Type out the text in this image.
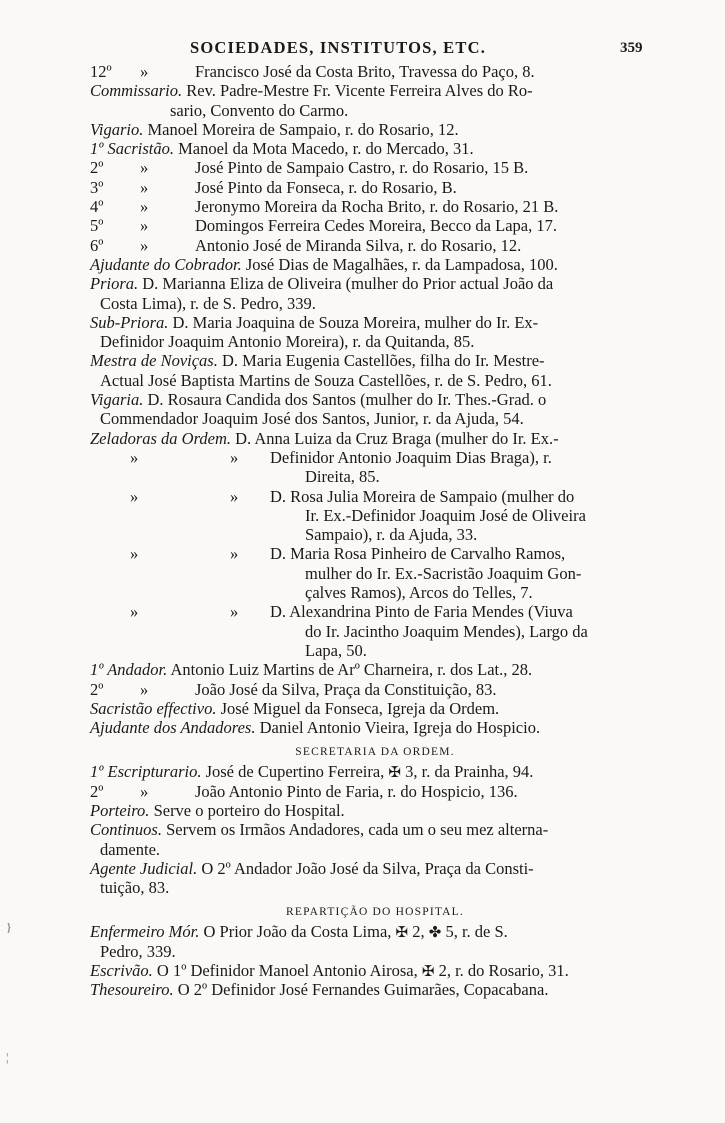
SOCIEDADES, INSTITUTOS, ETC.	359
}
¦
12º »	Francisco José da Costa Brito, Travessa do Paço, 8.
Commissario. Rev. Padre-Mestre Fr. Vicente Ferreira Alves do Ro-
sario, Convento do Carmo.
Vigario. Manoel Moreira de Sampaio, r. do Rosario, 12.
1º Sacristão. Manoel da Mota Macedo, r. do Mercado, 31.
2º »	José Pinto de Sampaio Castro, r. do Rosario, 15 B.
3º »	José Pinto da Fonseca, r. do Rosario, B.
4º »	Jeronymo Moreira da Rocha Brito, r. do Rosario, 21 B.
5º »	Domingos Ferreira Cedes Moreira, Becco da Lapa, 17.
6º »	Antonio José de Miranda Silva, r. do Rosario, 12.
Ajudante do Cobrador. José Dias de Magalhães, r. da Lampadosa, 100.
Priora. D. Marianna Eliza de Oliveira (mulher do Prior actual João da
Costa Lima), r. de S. Pedro, 339.
Sub-Priora. D. Maria Joaquina de Souza Moreira, mulher do Ir. Ex-
Definidor Joaquim Antonio Moreira), r. da Quitanda, 85.
Mestra de Noviças. D. Maria Eugenia Castellões, filha do Ir. Mestre-
Actual José Baptista Martins de Souza Castellões, r. de S. Pedro, 61.
Vigaria. D. Rosaura Candida dos Santos (mulher do Ir. Thes.-Grad. o
Commendador Joaquim José dos Santos, Junior, r. da Ajuda, 54.
Zeladoras da Ordem. D. Anna Luiza da Cruz Braga (mulher do Ir. Ex.-
»	» Definidor Antonio Joaquim Dias Braga), r.
Direita, 85.
»	» D. Rosa Julia Moreira de Sampaio (mulher do
Ir. Ex.-Definidor Joaquim José de Oliveira
Sampaio), r. da Ajuda, 33.
»	» D. Maria Rosa Pinheiro de Carvalho Ramos,
mulher do Ir. Ex.-Sacristão Joaquim Gon-
çalves Ramos), Arcos do Telles, 7.
»	» D. Alexandrina Pinto de Faria Mendes (Viuva
do Ir. Jacintho Joaquim Mendes), Largo da
Lapa, 50.
1º Andador. Antonio Luiz Martins de Arº Charneira, r. dos Lat., 28.
2º »	João José da Silva, Praça da Constituição, 83.
Sacristão effectivo. José Miguel da Fonseca, Igreja da Ordem.
Ajudante dos Andadores. Daniel Antonio Vieira, Igreja do Hospicio.
SECRETARIA DA ORDEM.
1º Escripturario. José de Cupertino Ferreira, ✠ 3, r. da Prainha, 94.
2º »	João Antonio Pinto de Faria, r. do Hospicio, 136.
Porteiro. Serve o porteiro do Hospital.
Continuos. Servem os Irmãos Andadores, cada um o seu mez alterna-
damente.
Agente Judicial. O 2º Andador João José da Silva, Praça da Consti-
tuição, 83.
REPARTIÇÃO DO HOSPITAL.
Enfermeiro Mór. O Prior João da Costa Lima, ✠ 2, ✤ 5, r. de S.
Pedro, 339.
Escrivão. O 1º Definidor Manoel Antonio Airosa, ✠ 2, r. do Rosario, 31.
Thesoureiro. O 2º Definidor José Fernandes Guimarães, Copacabana.
